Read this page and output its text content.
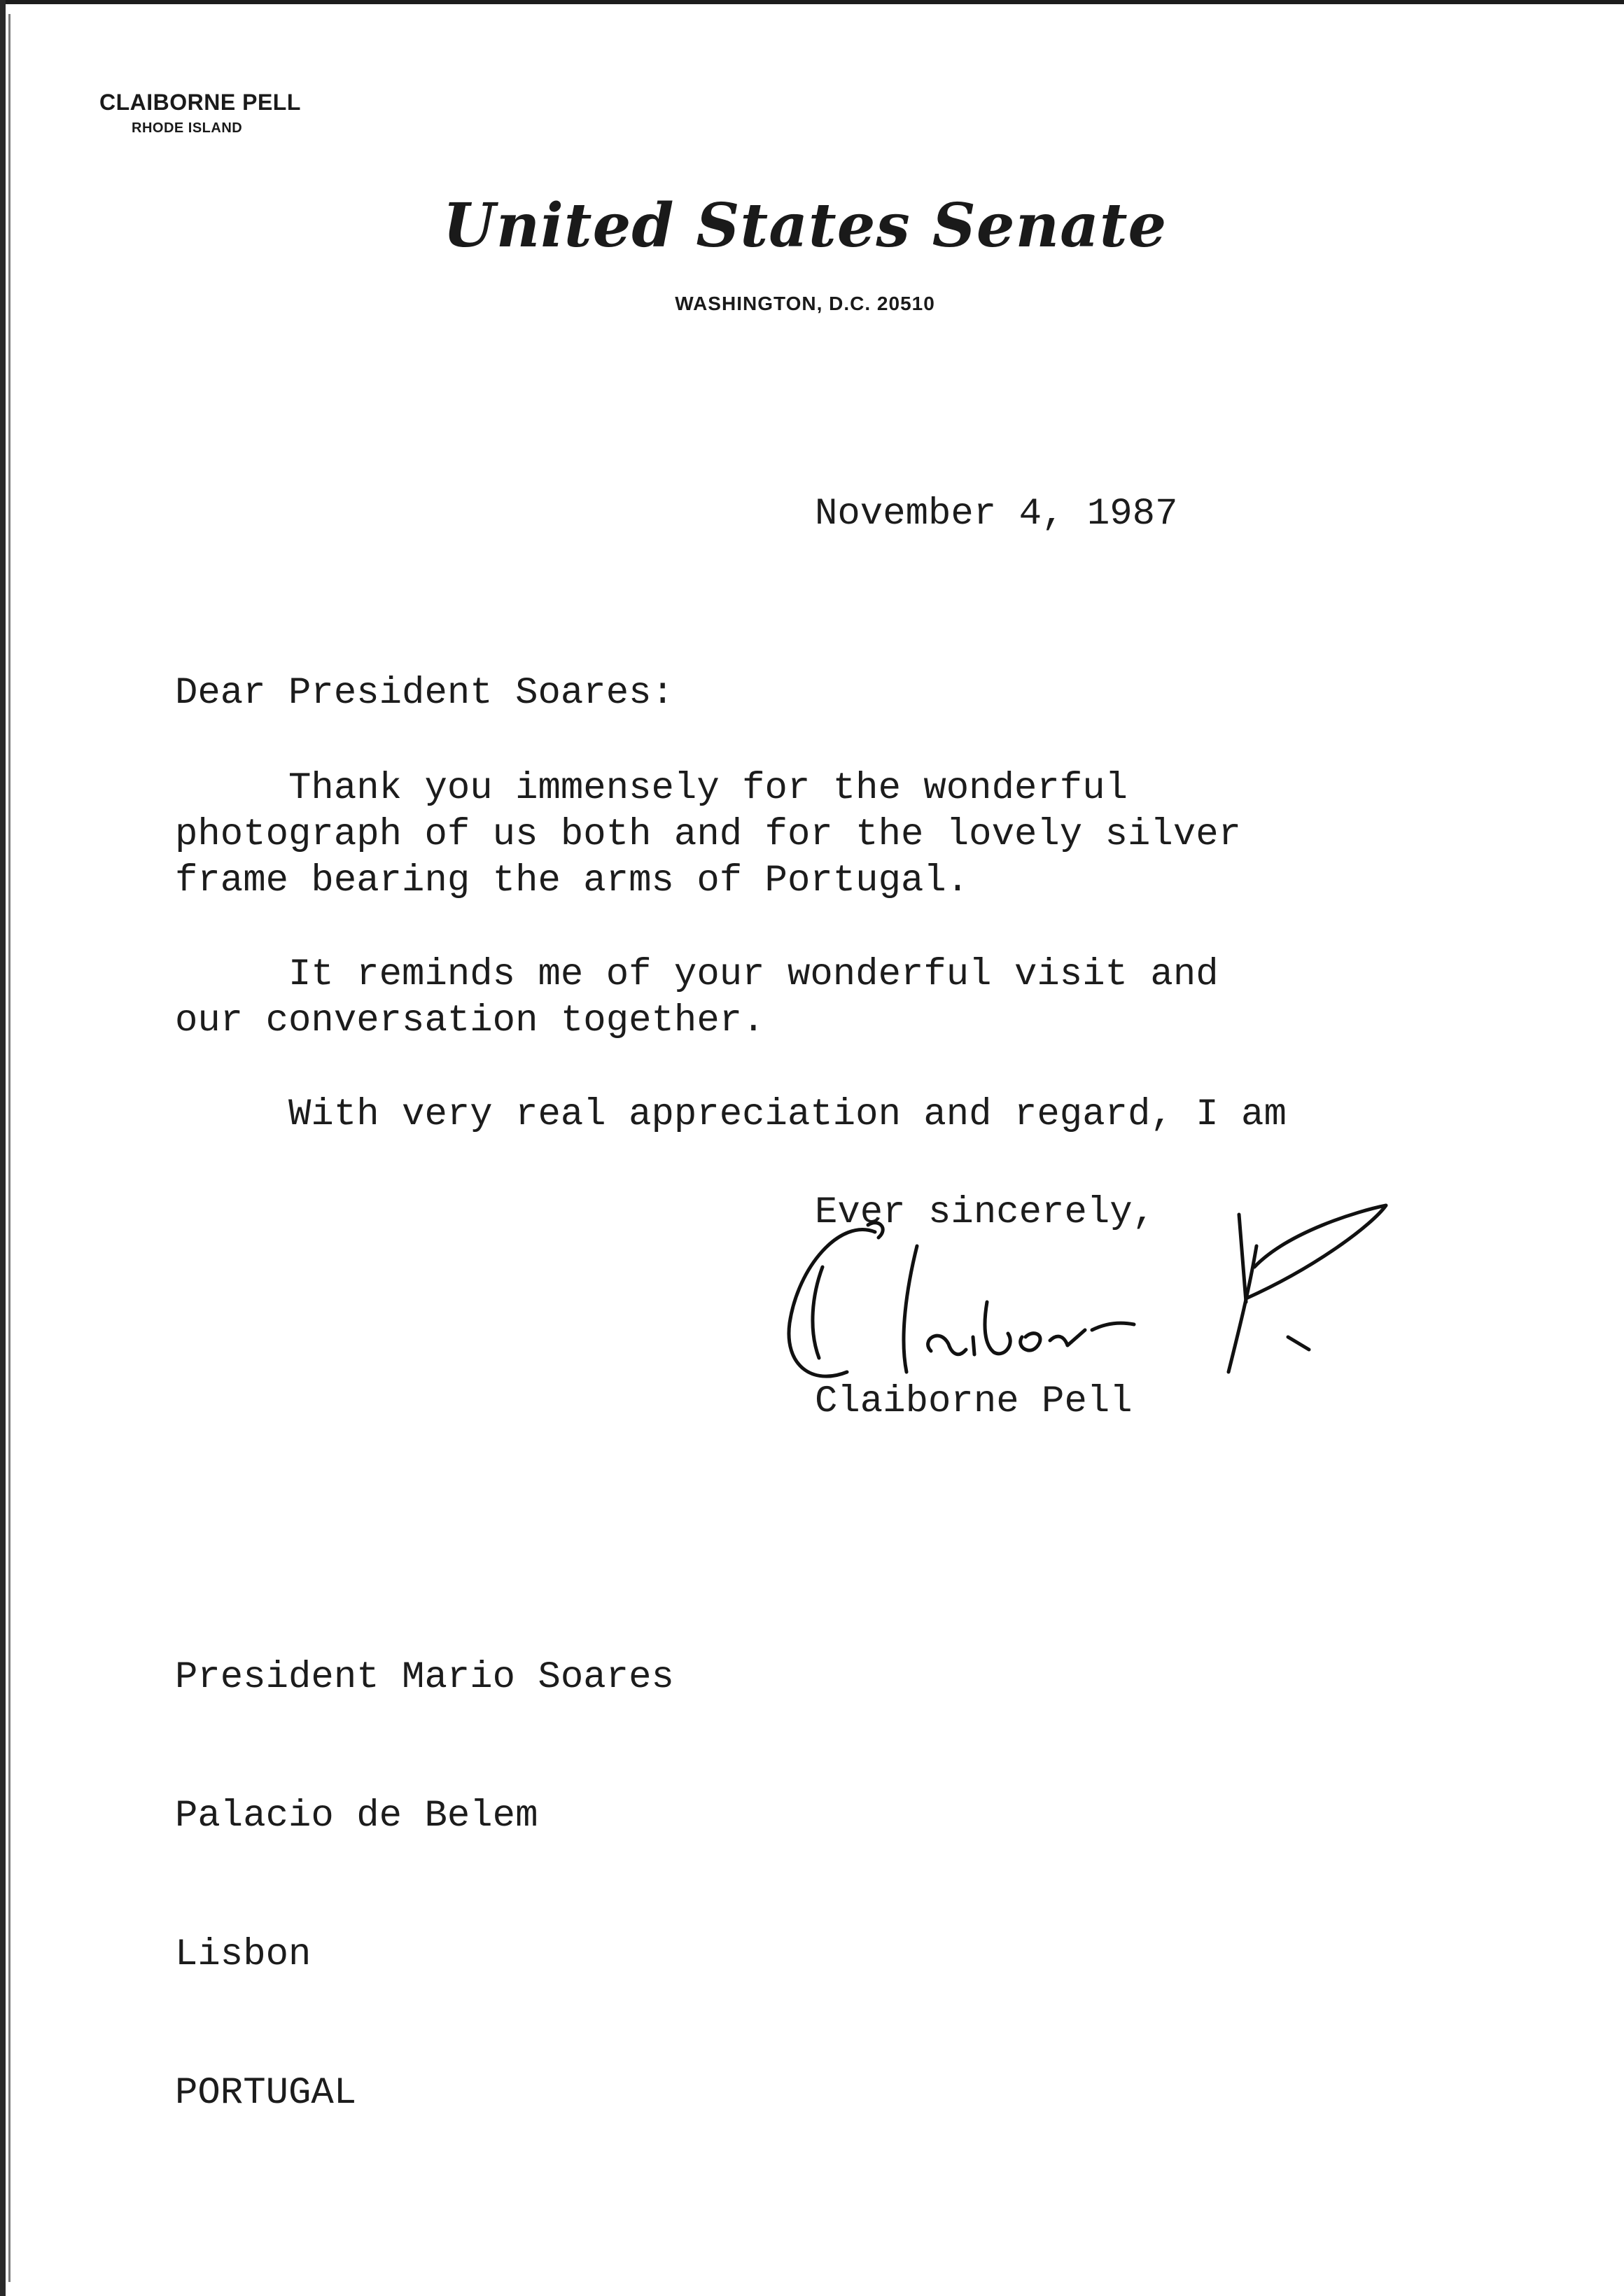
CLAIBORNE PELL
RHODE ISLAND
United States Senate
WASHINGTON, D.C. 20510
November 4, 1987
Dear President Soares:
Thank you immensely for the wonderful
photograph of us both and for the lovely silver
frame bearing the arms of Portugal.
It reminds me of your wonderful visit and
our conversation together.
With very real appreciation and regard, I am
Ever sincerely,
Claiborne Pell

President Mario Soares

Palacio de Belem

Lisbon

PORTUGAL
